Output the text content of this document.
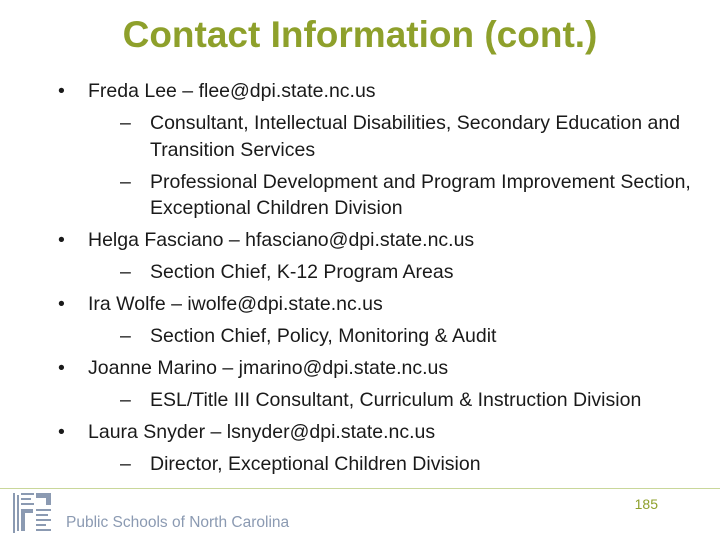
Contact Information (cont.)
•	Freda Lee – flee@dpi.state.nc.us
– Consultant, Intellectual Disabilities, Secondary Education and Transition Services
– Professional Development and Program Improvement Section, Exceptional Children Division
•	Helga Fasciano – hfasciano@dpi.state.nc.us
– Section Chief, K-12 Program Areas
•	Ira Wolfe – iwolfe@dpi.state.nc.us
– Section Chief, Policy, Monitoring & Audit
•	Joanne Marino – jmarino@dpi.state.nc.us
– ESL/Title III Consultant, Curriculum & Instruction Division
•	Laura Snyder – lsnyder@dpi.state.nc.us
– Director, Exceptional Children Division
Public Schools of North Carolina
185
